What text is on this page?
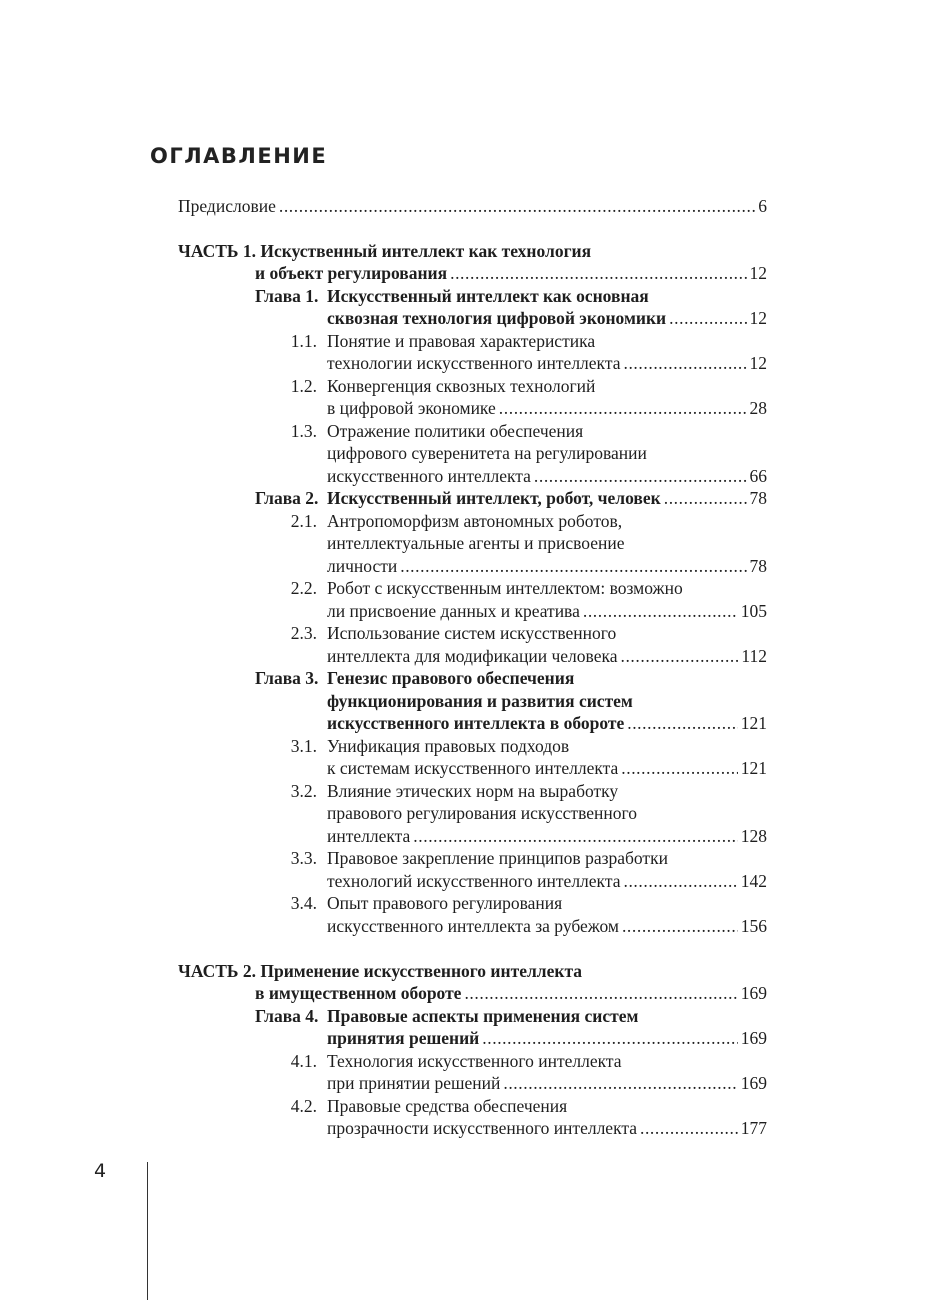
ОГЛАВЛЕНИЕ
Предисловие .....	6
ЧАСТЬ 1. Искуственный интеллект как технология
и объект регулирования .....	12
Глава 1. Искусственный интеллект как основная
сквозная технология цифровой экономики .....	12
1.1. Понятие и правовая характеристика
технологии искусственного интеллекта .....	12
1.2. Конвергенция сквозных технологий
в цифровой экономике .....	28
1.3. Отражение политики обеспечения
цифрового суверенитета на регулировании
искусственного интеллекта .....	66
Глава 2. Искусственный интеллект, робот, человек .....	78
2.1. Антропоморфизм автономных роботов,
интеллектуальные агенты и присвоение
личности .....	78
2.2. Робот с искусственным интеллектом: возможно
ли присвоение данных и креатива .....	105
2.3. Использование систем искусственного
интеллекта для модификации человека .....	112
Глава 3. Генезис правового обеспечения
функционирования и развития систем
искусственного интеллекта в обороте .....	121
3.1. Унификация правовых подходов
к системам искусственного интеллекта .....	121
3.2. Влияние этических норм на выработку
правового регулирования искусственного
интеллекта .....	128
3.3. Правовое закрепление принципов разработки
технологий искусственного интеллекта .....	142
3.4. Опыт правового регулирования
искусственного интеллекта за рубежом .....	156
ЧАСТЬ 2. Применение искусственного интеллекта
в имущественном обороте .....	169
Глава 4. Правовые аспекты применения систем
принятия решений .....	169
4.1. Технология искусственного интеллекта
при принятии решений .....	169
4.2. Правовые средства обеспечения
прозрачности искусственного интеллекта .....	177

4
